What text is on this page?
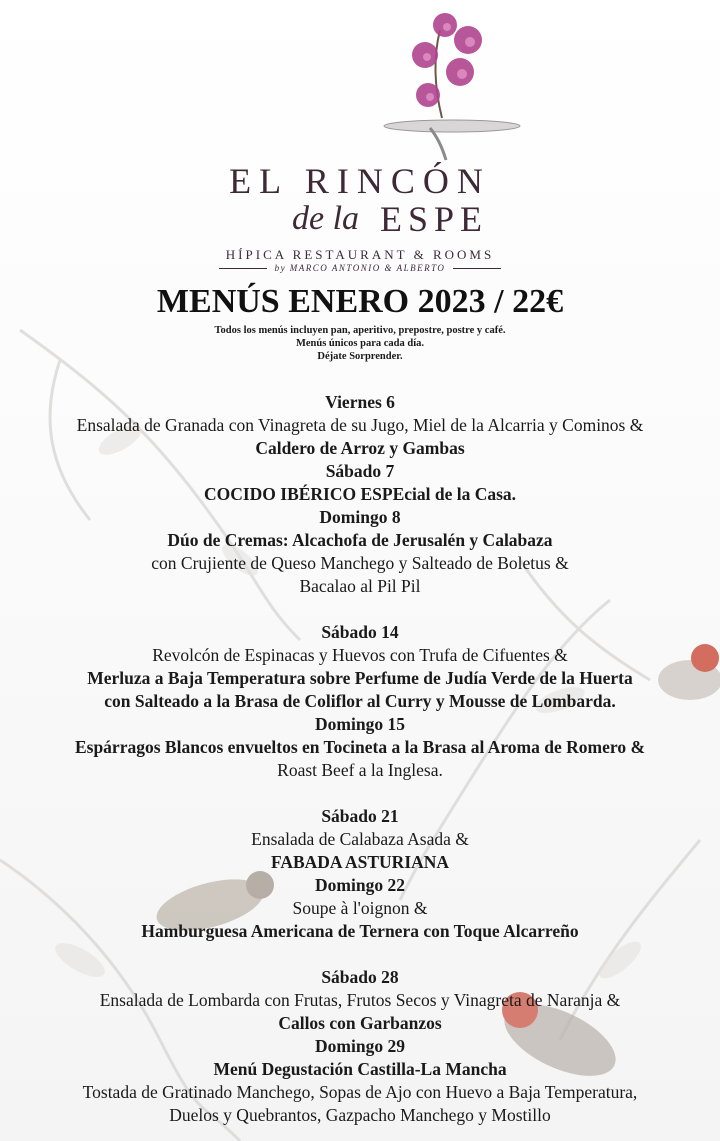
EL RINCÓN
de la ESPE
HÍPICA RESTAURANT & ROOMS
by MARCO ANTONIO & ALBERTO
MENÚS ENERO 2023 / 22€
Todos los menús incluyen pan, aperitivo, prepostre, postre y café.
Menús únicos para cada día.
Déjate Sorprender.
Viernes 6
Ensalada de Granada con Vinagreta de su Jugo, Miel de la Alcarria y Cominos &
Caldero de Arroz y Gambas
Sábado 7
COCIDO IBÉRICO ESPEcial de la Casa.
Domingo 8
Dúo de Cremas: Alcachofa de Jerusalén y Calabaza
con Crujiente de Queso Manchego y Salteado de Boletus &
Bacalao al Pil Pil
Sábado 14
Revolcón de Espinacas y Huevos con Trufa de Cifuentes &
Merluza a Baja Temperatura sobre Perfume de Judía Verde de la Huerta
con Salteado a la Brasa de Coliflor al Curry y Mousse de Lombarda.
Domingo 15
Espárragos Blancos envueltos en Tocineta a la Brasa al Aroma de Romero &
Roast Beef a la Inglesa.
Sábado 21
Ensalada de Calabaza Asada &
FABADA ASTURIANA
Domingo 22
Soupe à l'oignon &
Hamburguesa Americana de Ternera con Toque Alcarreño
Sábado 28
Ensalada de Lombarda con Frutas, Frutos Secos y Vinagreta de Naranja &
Callos con Garbanzos
Domingo 29
Menú Degustación Castilla-La Mancha
Tostada de Gratinado Manchego, Sopas de Ajo con Huevo a Baja Temperatura,
Duelos y Quebrantos, Gazpacho Manchego y Mostillo
